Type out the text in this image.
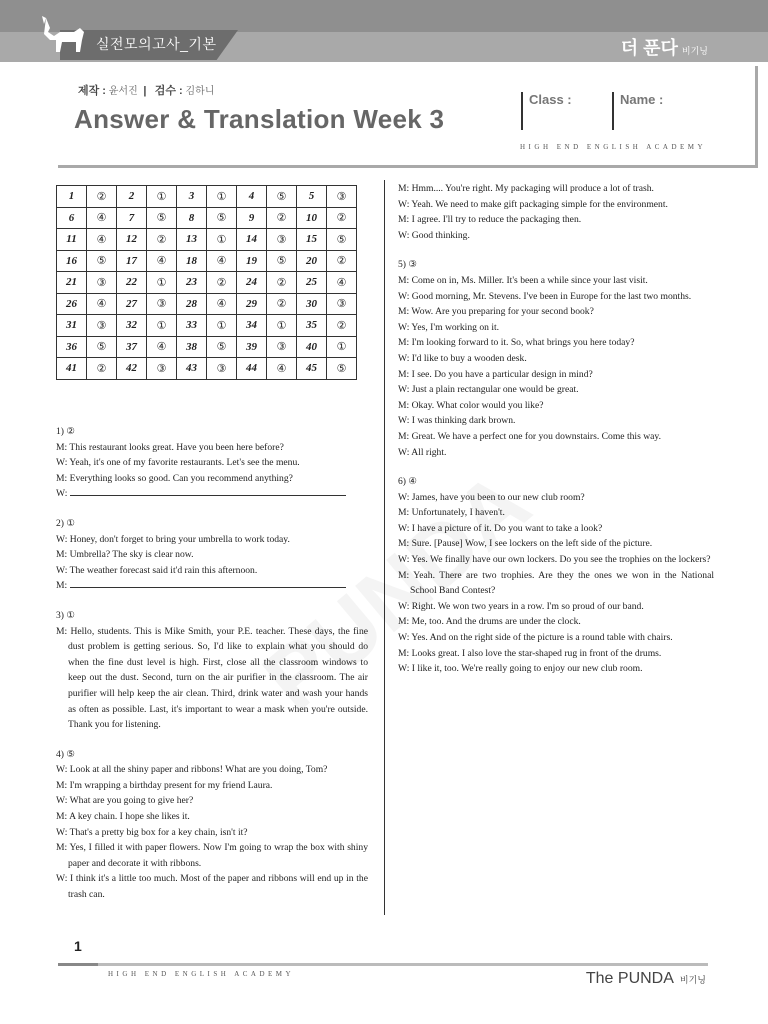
실전모의고사_기본	더 푼다 비기닝
제작 : 윤서진 | 검수 : 김하니
Answer & Translation Week 3
Class :	Name :
HIGH END ENGLISH ACADEMY
1	②	2	①	3	①	4	⑤	5	③
6	④	7	⑤	8	⑤	9	②	10	②
11	④	12	②	13	①	14	③	15	⑤
16	⑤	17	④	18	④	19	⑤	20	②
21	③	22	①	23	②	24	②	25	④
26	④	27	③	28	④	29	②	30	③
31	③	32	①	33	①	34	①	35	②
36	⑤	37	④	38	⑤	39	③	40	①
41	②	42	③	43	③	44	④	45	⑤
1) ②
M: This restaurant looks great. Have you been here before?
W: Yeah, it's one of my favorite restaurants. Let's see the menu.
M: Everything looks so good. Can you recommend anything?
W:
2) ①
W: Honey, don't forget to bring your umbrella to work today.
M: Umbrella? The sky is clear now.
W: The weather forecast said it'd rain this afternoon.
M:
3) ①
M: Hello, students. This is Mike Smith, your P.E. teacher. These days, the fine dust problem is getting serious. So, I'd like to explain what you should do when the fine dust level is high. First, close all the classroom windows to keep out the dust. Second, turn on the air purifier in the classroom. The air purifier will help keep the air clean. Third, drink water and wash your hands as often as possible. Last, it's important to wear a mask when you're outside. Thank you for listening.
4) ⑤
W: Look at all the shiny paper and ribbons! What are you doing, Tom?
M: I'm wrapping a birthday present for my friend Laura.
W: What are you going to give her?
M: A key chain. I hope she likes it.
W: That's a pretty big box for a key chain, isn't it?
M: Yes, I filled it with paper flowers. Now I'm going to wrap the box with shiny paper and decorate it with ribbons.
W: I think it's a little too much. Most of the paper and ribbons will end up in the trash can.
M: Hmm.... You're right. My packaging will produce a lot of trash.
W: Yeah. We need to make gift packaging simple for the environment.
M: I agree. I'll try to reduce the packaging then.
W: Good thinking.
5) ③
M: Come on in, Ms. Miller. It's been a while since your last visit.
W: Good morning, Mr. Stevens. I've been in Europe for the last two months.
M: Wow. Are you preparing for your second book?
W: Yes, I'm working on it.
M: I'm looking forward to it. So, what brings you here today?
W: I'd like to buy a wooden desk.
M: I see. Do you have a particular design in mind?
W: Just a plain rectangular one would be great.
M: Okay. What color would you like?
W: I was thinking dark brown.
M: Great. We have a perfect one for you downstairs. Come this way.
W: All right.
6) ④
W: James, have you been to our new club room?
M: Unfortunately, I haven't.
W: I have a picture of it. Do you want to take a look?
M: Sure. [Pause] Wow, I see lockers on the left side of the picture.
W: Yes. We finally have our own lockers. Do you see the trophies on the lockers?
M: Yeah. There are two trophies. Are they the ones we won in the National School Band Contest?
W: Right. We won two years in a row. I'm so proud of our band.
M: Me, too. And the drums are under the clock.
W: Yes. And on the right side of the picture is a round table with chairs.
M: Looks great. I also love the star-shaped rug in front of the drums.
W: I like it, too. We're really going to enjoy our new club room.
1
HIGH END ENGLISH ACADEMY	The PUNDA 비기닝
